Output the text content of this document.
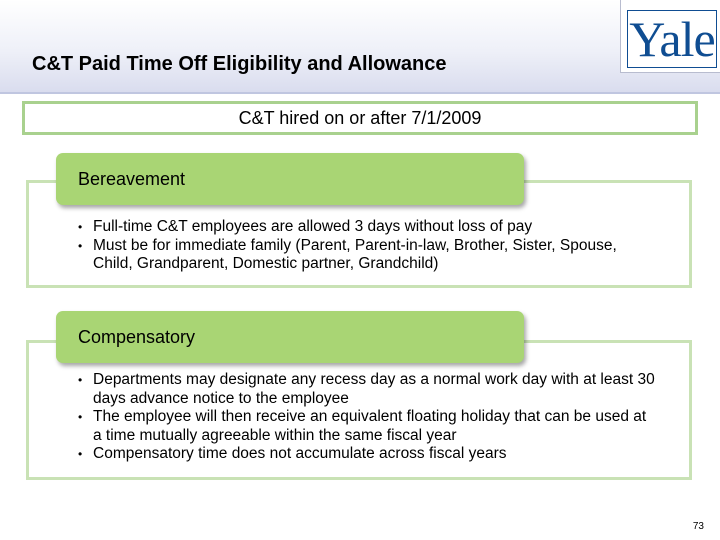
C&T Paid Time Off Eligibility and Allowance	Yale
C&T hired on or after 7/1/2009
Bereavement
• Full-time C&T employees are allowed 3 days without loss of pay
• Must be for immediate family (Parent, Parent-in-law, Brother, Sister, Spouse, Child, Grandparent, Domestic partner, Grandchild)
Compensatory
• Departments may designate any recess day as a normal work day with at least 30 days advance notice to the employee
• The employee will then receive an equivalent floating holiday that can be used at a time mutually agreeable within the same fiscal year
• Compensatory time does not accumulate across fiscal years
73
